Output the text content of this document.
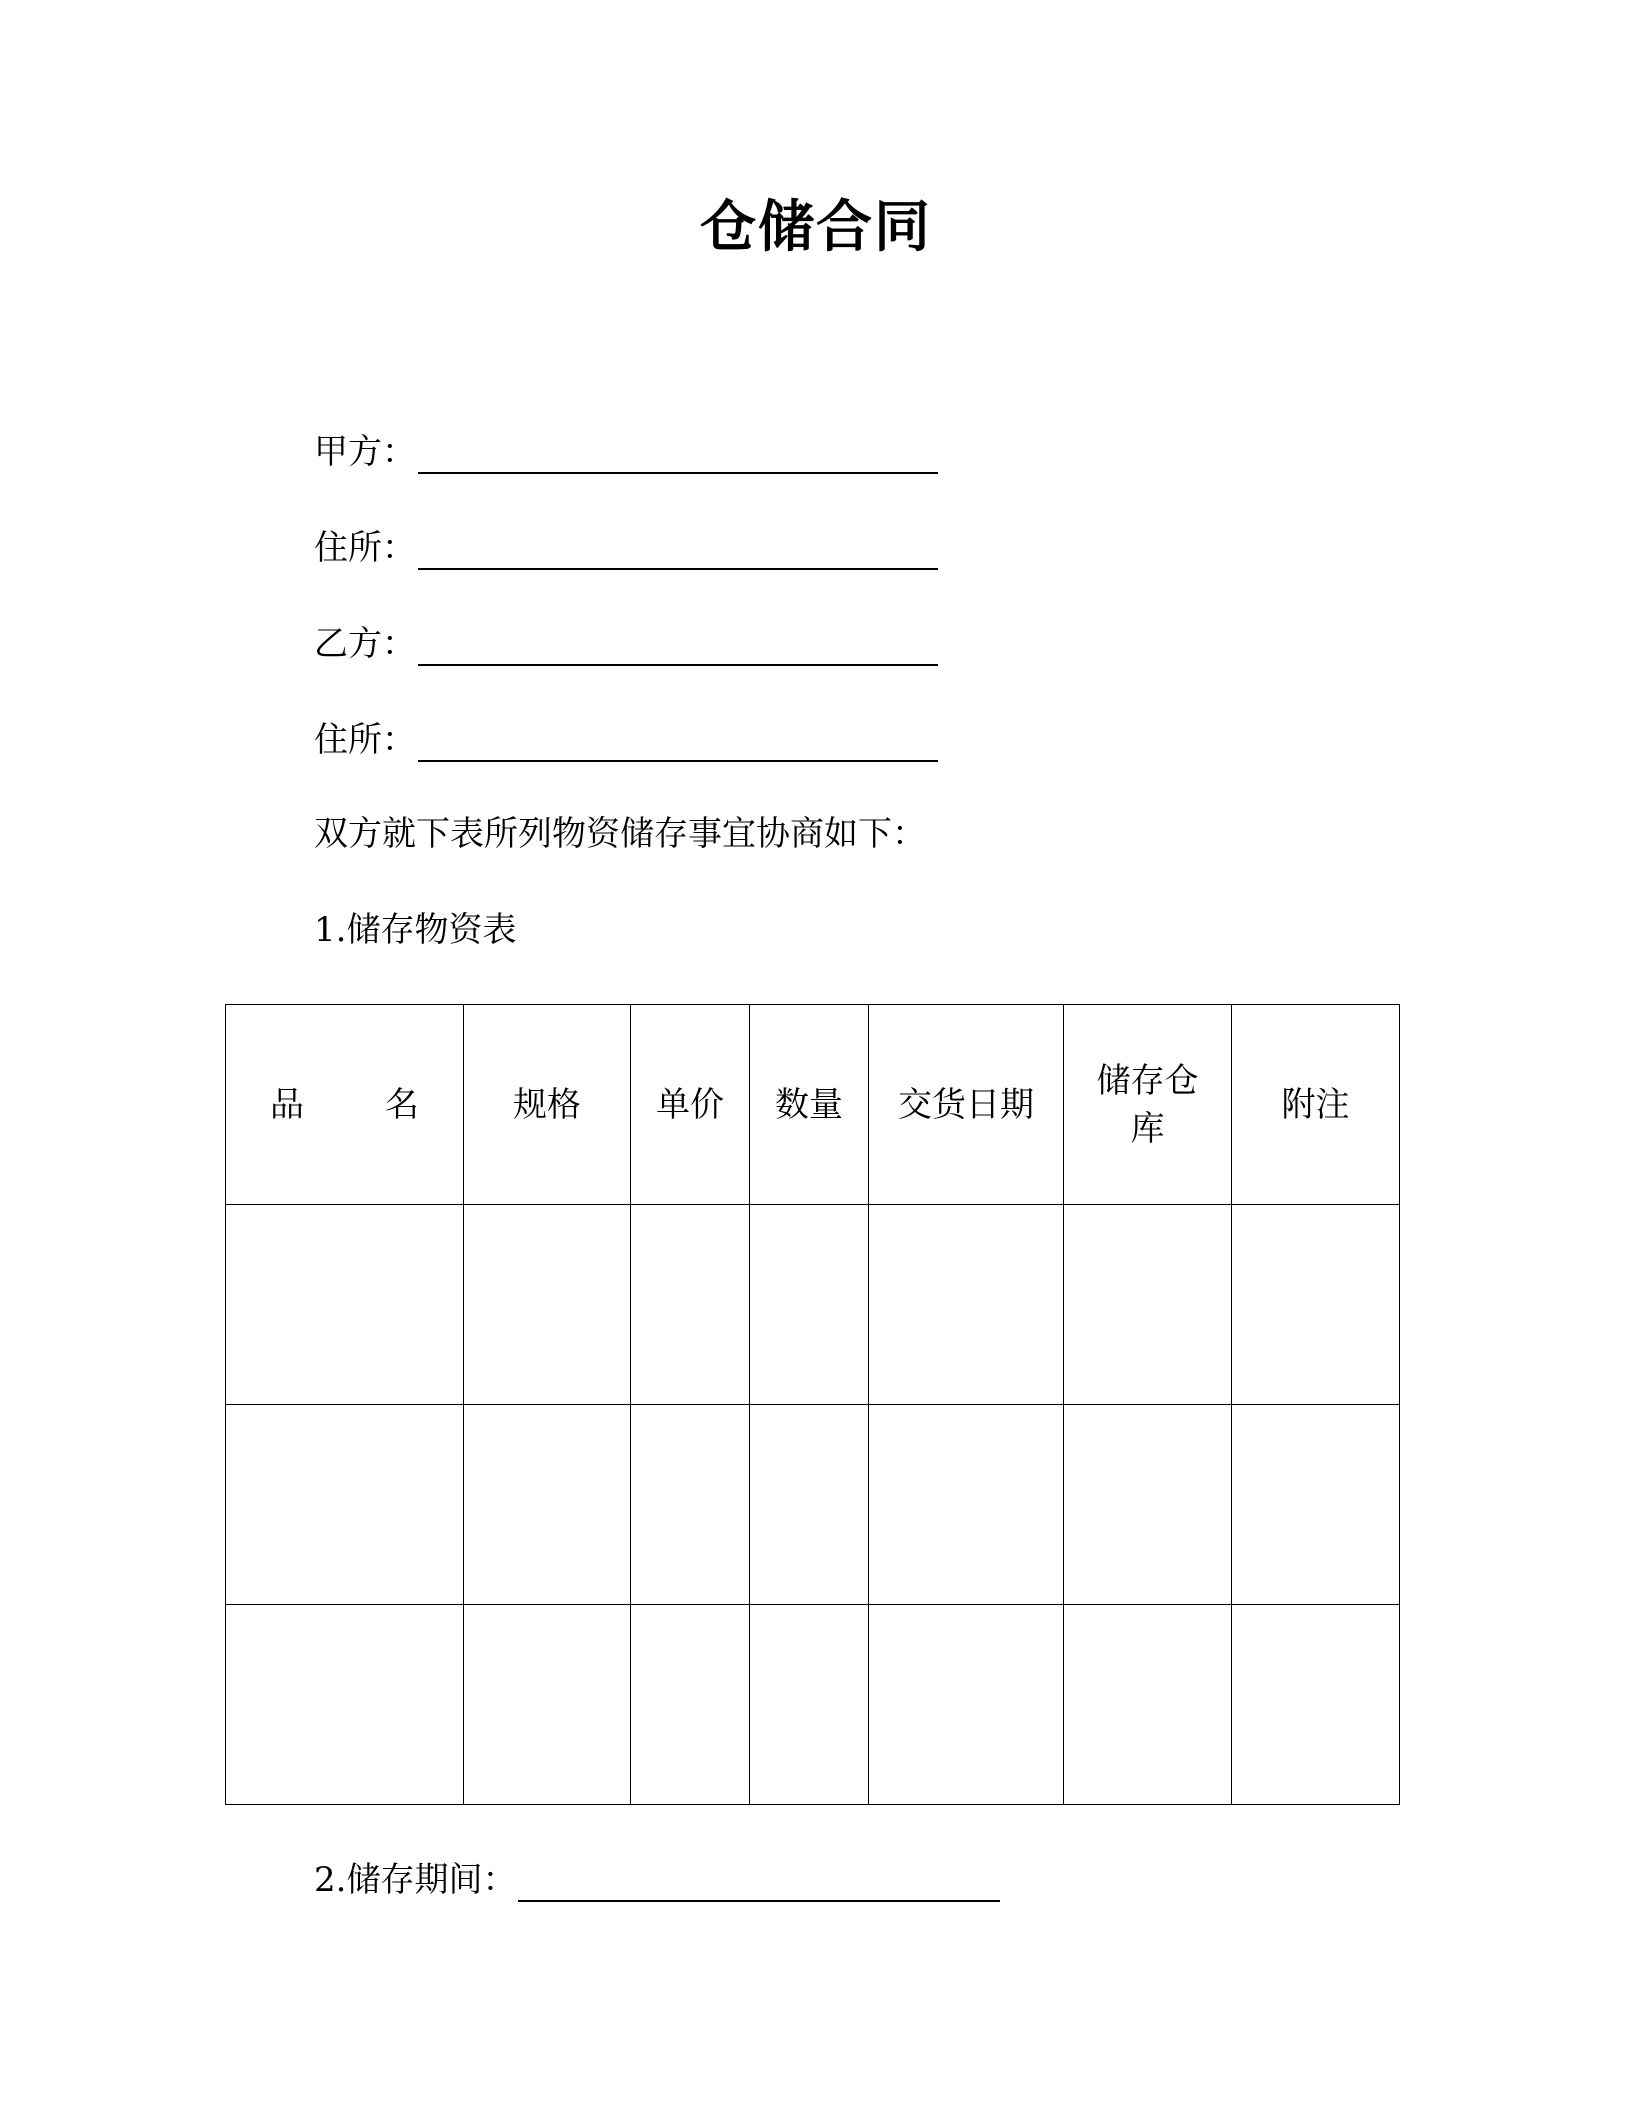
仓储合同
甲方：
住所：
乙方：
住所：
双方就下表所列物资储存事宜协商如下：
1.储存物资表
品 名	规格	单价	数量	交货日期	储存仓库	附注

2.储存期间：
